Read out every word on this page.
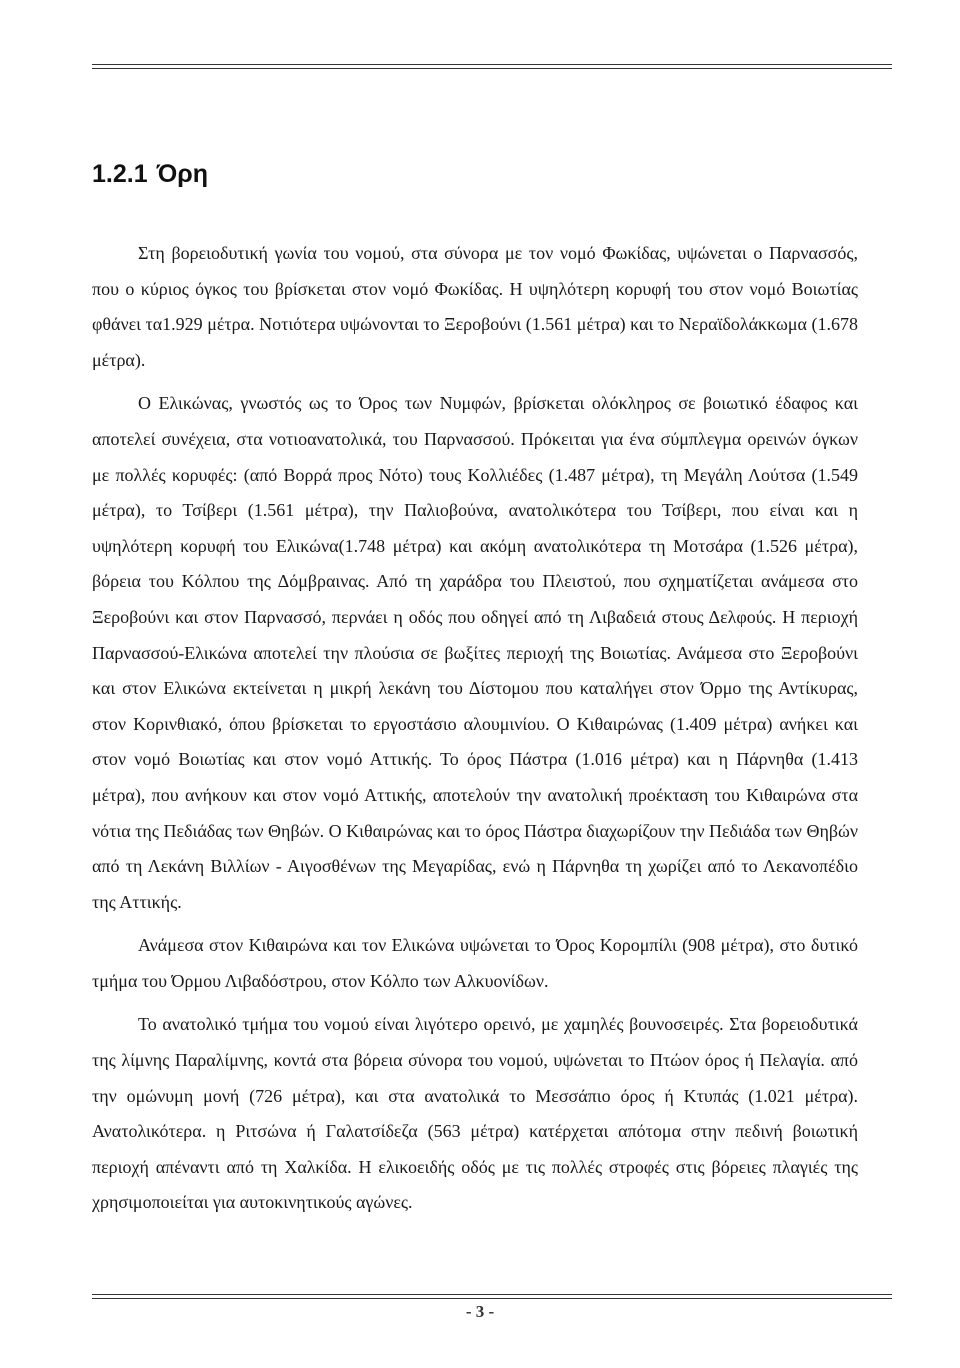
1.2.1 Όρη

Στη βορειοδυτική γωνία του νομού, στα σύνορα με τον νομό Φωκίδας, υψώνεται ο Παρνασσός, που ο κύριος όγκος του βρίσκεται στον νομό Φωκίδας. Η υψηλότερη κορυφή του στον νομό Βοιωτίας φθάνει τα1.929 μέτρα. Νοτιότερα υψώνονται το Ξεροβούνι (1.561 μέτρα) και το Νεραϊδολάκκωμα (1.678 μέτρα).

Ο Ελικώνας, γνωστός ως το Όρος των Νυμφών, βρίσκεται ολόκληρος σε βοιωτικό έδαφος και αποτελεί συνέχεια, στα νοτιοανατολικά, του Παρνασσού. Πρόκειται για ένα σύμπλεγμα ορεινών όγκων με πολλές κορυφές: (από Βορρά προς Νότο) τους Κολλιέδες (1.487 μέτρα), τη Μεγάλη Λούτσα (1.549 μέτρα), το Τσίβερι (1.561 μέτρα), την Παλιοβούνα, ανατολικότερα του Τσίβερι, που είναι και η υψηλότερη κορυφή του Ελικώνα(1.748 μέτρα) και ακόμη ανατολικότερα τη Μοτσάρα (1.526 μέτρα), βόρεια του Κόλπου της Δόμβραινας. Από τη χαράδρα του Πλειστού, που σχηματίζεται ανάμεσα στο Ξεροβούνι και στον Παρνασσό, περνάει η οδός που οδηγεί από τη Λιβαδειά στους Δελφούς. Η περιοχή Παρνασσού-Ελικώνα αποτελεί την πλούσια σε βωξίτες περιοχή της Βοιωτίας. Ανάμεσα στο Ξεροβούνι και στον Ελικώνα εκτείνεται η μικρή λεκάνη του Δίστομου που καταλήγει στον Όρμο της Αντίκυρας, στον Κορινθιακό, όπου βρίσκεται το εργοστάσιο αλουμινίου. Ο Κιθαιρώνας (1.409 μέτρα) ανήκει και στον νομό Βοιωτίας και στον νομό Αττικής. Το όρος Πάστρα (1.016 μέτρα) και η Πάρνηθα (1.413 μέτρα), που ανήκουν και στον νομό Αττικής, αποτελούν την ανατολική προέκταση του Κιθαιρώνα στα νότια της Πεδιάδας των Θηβών. Ο Κιθαιρώνας και το όρος Πάστρα διαχωρίζουν την Πεδιάδα των Θηβών από τη Λεκάνη Βιλλίων - Αιγοσθένων της Μεγαρίδας, ενώ η Πάρνηθα τη χωρίζει από το Λεκανοπέδιο της Αττικής.

Ανάμεσα στον Κιθαιρώνα και τον Ελικώνα υψώνεται το Όρος Κορομπίλι (908 μέτρα), στο δυτικό τμήμα του Όρμου Λιβαδόστρου, στον Κόλπο των Αλκυονίδων.

Το ανατολικό τμήμα του νομού είναι λιγότερο ορεινό, με χαμηλές βουνοσειρές. Στα βορειοδυτικά της λίμνης Παραλίμνης, κοντά στα βόρεια σύνορα του νομού, υψώνεται το Πτώον όρος ή Πελαγία. από την ομώνυμη μονή (726 μέτρα), και στα ανατολικά το Μεσσάπιο όρος ή Κτυπάς (1.021 μέτρα). Ανατολικότερα. η Ριτσώνα ή Γαλατσίδεζα (563 μέτρα) κατέρχεται απότομα στην πεδινή βοιωτική περιοχή απέναντι από τη Χαλκίδα. Η ελικοειδής οδός με τις πολλές στροφές στις βόρειες πλαγιές της χρησιμοποιείται για αυτοκινητικούς αγώνες.

- 3 -
